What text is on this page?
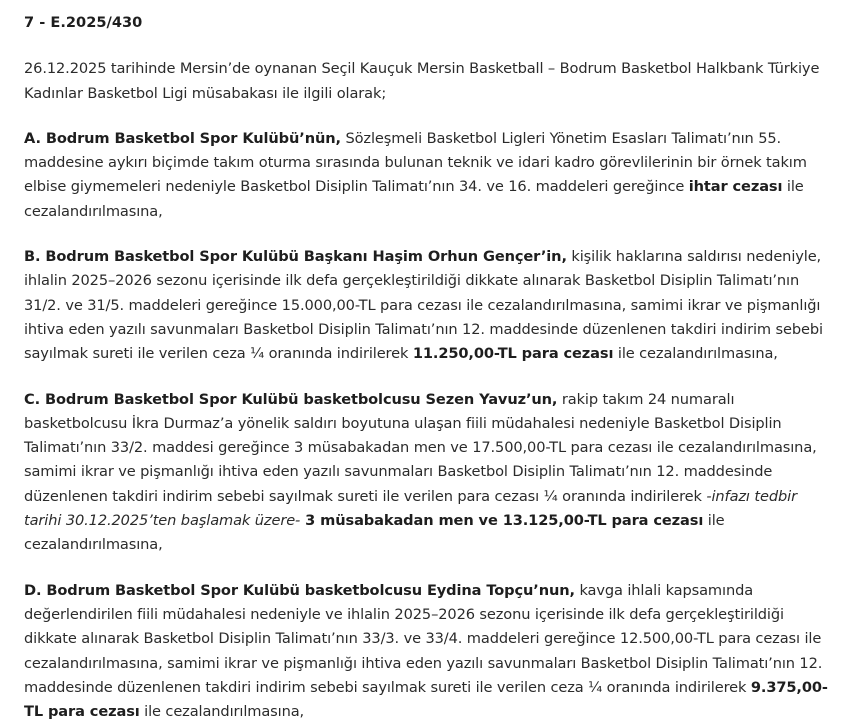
7 - E.2025/430

26.12.2025 tarihinde Mersin’de oynanan Seçil Kauçuk Mersin Basketball – Bodrum Basketbol Halkbank Türkiye Kadınlar Basketbol Ligi müsabakası ile ilgili olarak;

A. Bodrum Basketbol Spor Kulübü’nün, Sözleşmeli Basketbol Ligleri Yönetim Esasları Talimatı’nın 55. maddesine aykırı biçimde takım oturma sırasında bulunan teknik ve idari kadro görevlilerinin bir örnek takım elbise giymemeleri nedeniyle Basketbol Disiplin Talimatı’nın 34. ve 16. maddeleri gereğince ihtar cezası ile cezalandırılmasına,

B. Bodrum Basketbol Spor Kulübü Başkanı Haşim Orhun Gençer’in, kişilik haklarına saldırısı nedeniyle, ihlalin 2025–2026 sezonu içerisinde ilk defa gerçekleştirildiği dikkate alınarak Basketbol Disiplin Talimatı’nın 31/2. ve 31/5. maddeleri gereğince 15.000,00-TL para cezası ile cezalandırılmasına, samimi ikrar ve pişmanlığı ihtiva eden yazılı savunmaları Basketbol Disiplin Talimatı’nın 12. maddesinde düzenlenen takdiri indirim sebebi sayılmak sureti ile verilen ceza ¼ oranında indirilerek 11.250,00-TL para cezası ile cezalandırılmasına,

C. Bodrum Basketbol Spor Kulübü basketbolcusu Sezen Yavuz’un, rakip takım 24 numaralı basketbolcusu İkra Durmaz’a yönelik saldırı boyutuna ulaşan fiili müdahalesi nedeniyle Basketbol Disiplin Talimatı’nın 33/2. maddesi gereğince 3 müsabakadan men ve 17.500,00-TL para cezası ile cezalandırılmasına, samimi ikrar ve pişmanlığı ihtiva eden yazılı savunmaları Basketbol Disiplin Talimatı’nın 12. maddesinde düzenlenen takdiri indirim sebebi sayılmak sureti ile verilen para cezası ¼ oranında indirilerek -infazı tedbir tarihi 30.12.2025’ten başlamak üzere- 3 müsabakadan men ve 13.125,00-TL para cezası ile cezalandırılmasına,

D. Bodrum Basketbol Spor Kulübü basketbolcusu Eydina Topçu’nun, kavga ihlali kapsamında değerlendirilen fiili müdahalesi nedeniyle ve ihlalin 2025–2026 sezonu içerisinde ilk defa gerçekleştirildiği dikkate alınarak Basketbol Disiplin Talimatı’nın 33/3. ve 33/4. maddeleri gereğince 12.500,00-TL para cezası ile cezalandırılmasına, samimi ikrar ve pişmanlığı ihtiva eden yazılı savunmaları Basketbol Disiplin Talimatı’nın 12. maddesinde düzenlenen takdiri indirim sebebi sayılmak sureti ile verilen ceza ¼ oranında indirilerek 9.375,00-TL para cezası ile cezalandırılmasına,
